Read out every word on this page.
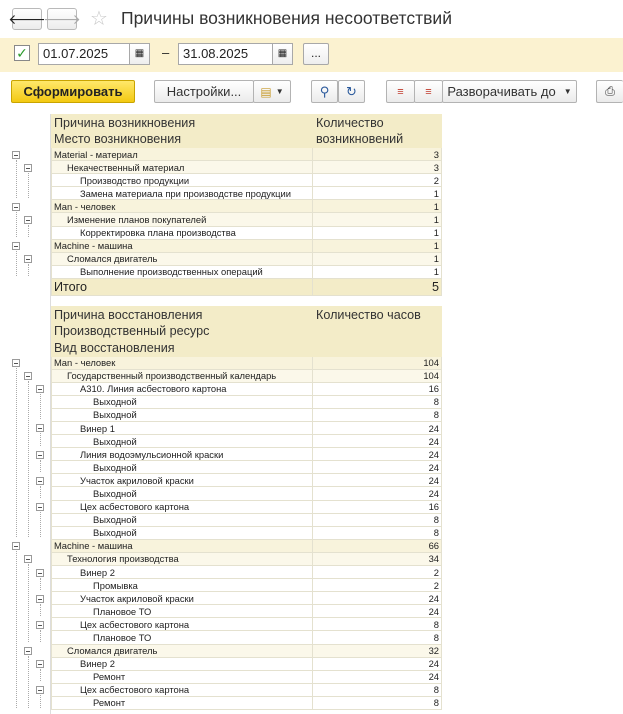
🡐
🡒 ☆ Причины возникновения несоответствий
✓	01.07.2025	▦	–	31.08.2025	▦	...
Сформировать	Настройки...	▤ ▼	⚲ ↻	≡ ≡ Разворачивать до ▼	⎙
Причина возникновения	Количество возникновений
Место возникновения	
Material - материал	3
Некачественный материал	3
Производство продукции	2
Замена материала при производстве продукции	1
Man - человек	1
Изменение планов покупателей	1
Корректировка плана производства	1
Machine - машина	1
Сломался двигатель	1
Выполнение производственных операций	1
Итого	5
Причина восстановления	Количество часов
Производственный ресурс	
Вид восстановления	
Man - человек	104
Государственный производственный календарь	104
A310. Линия асбестового картона	16
Выходной	8
Выходной	8
Винер 1	24
Выходной	24
Линия водоэмульсионной краски	24
Выходной	24
Участок акриловой краски	24
Выходной	24
Цех асбестового картона	16
Выходной	8
Выходной	8
Machine - машина	66
Технология производства	34
Винер 2	2
Промывка	2
Участок акриловой краски	24
Плановое ТО	24
Цех асбестового картона	8
Плановое ТО	8
Сломался двигатель	32
Винер 2	24
Ремонт	24
Цех асбестового картона	8
Ремонт	8
